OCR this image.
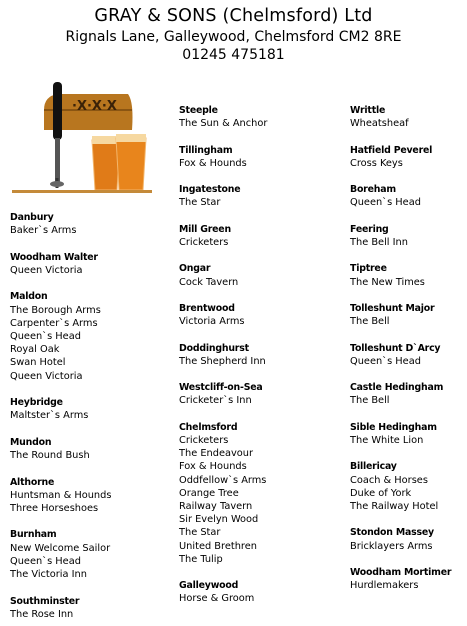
GRAY & SONS (Chelmsford) Ltd
Rignals Lane, Galleywood, Chelmsford CM2 8RE
01245 475181
·X·X·X
Danbury
Baker`s Arms
Woodham Walter
Queen Victoria
Maldon
The Borough Arms
Carpenter`s Arms
Queen`s Head
Royal Oak
Swan Hotel
Queen Victoria
Heybridge
Maltster`s Arms
Mundon
The Round Bush
Althorne
Huntsman & Hounds
Three Horseshoes
Burnham
New Welcome Sailor
Queen`s Head
The Victoria Inn
Southminster
The Rose Inn
Steeple
The Sun & Anchor
Tillingham
Fox & Hounds
Ingatestone
The Star
Mill Green
Cricketers
Ongar
Cock Tavern
Brentwood
Victoria Arms
Doddinghurst
The Shepherd Inn
Westcliff-on-Sea
Cricketer`s Inn
Chelmsford
Cricketers
The Endeavour
Fox & Hounds
Oddfellow`s Arms
Orange Tree
Railway Tavern
Sir Evelyn Wood
The Star
United Brethren
The Tulip
Galleywood
Horse & Groom
Writtle
Wheatsheaf
Hatfield Peverel
Cross Keys
Boreham
Queen`s Head
Feering
The Bell Inn
Tiptree
The New Times
Tolleshunt Major
The Bell
Tolleshunt D`Arcy
Queen`s Head
Castle Hedingham
The Bell
Sible Hedingham
The White Lion
Billericay
Coach & Horses
Duke of York
The Railway Hotel
Stondon Massey
Bricklayers Arms
Woodham Mortimer
Hurdlemakers
